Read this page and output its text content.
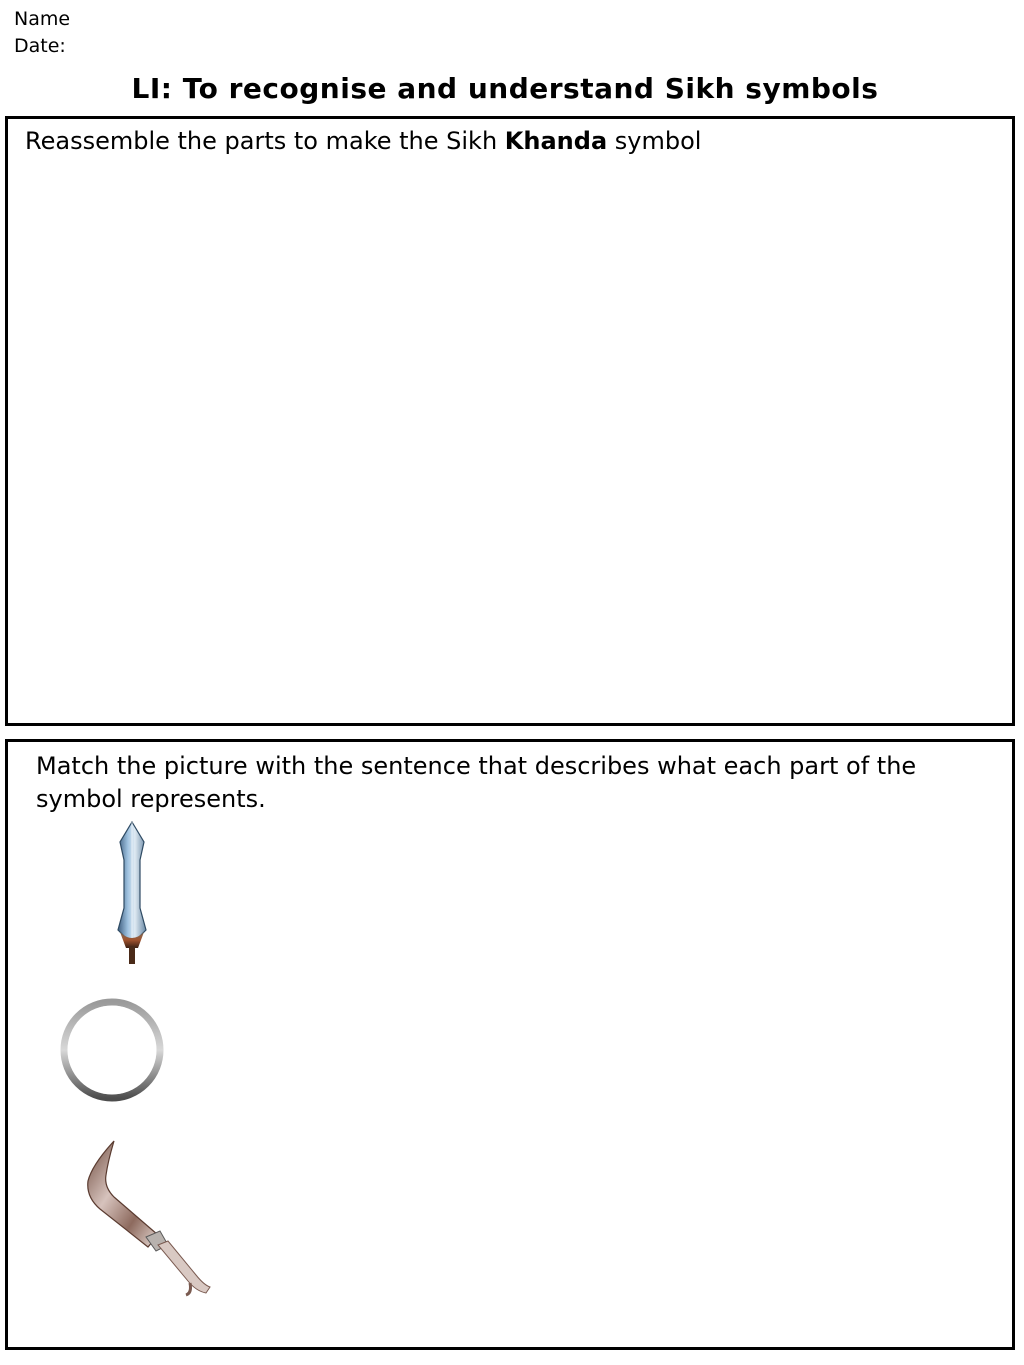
Name
Date:
LI: To recognise and understand Sikh symbols
Reassemble the parts to make the Sikh Khanda symbol
Match the picture with the sentence that describes what each part of the symbol represents.
